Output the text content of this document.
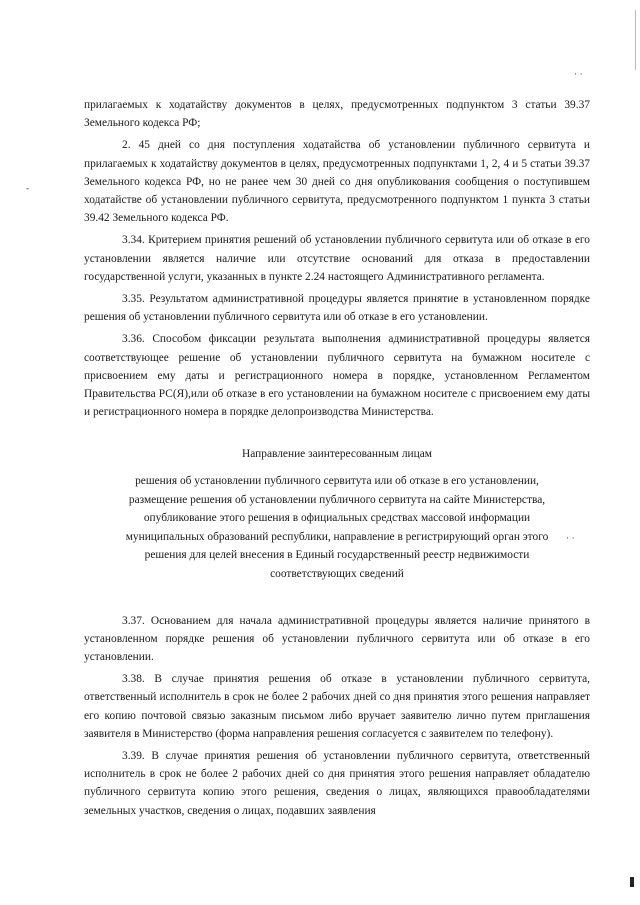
· ·
-
· ·

прилагаемых к ходатайству документов в целях, предусмотренных подпунктом 3 статьи 39.37 Земельного кодекса РФ;

2. 45 дней со дня поступления ходатайства об установлении публичного сервитута и прилагаемых к ходатайству документов в целях, предусмотренных подпунктами 1, 2, 4 и 5 статьи 39.37 Земельного кодекса РФ, но не ранее чем 30 дней со дня опубликования сообщения о поступившем ходатайстве об установлении публичного сервитута, предусмотренного подпунктом 1 пункта 3 статьи 39.42 Земельного кодекса РФ.

3.34. Критерием принятия решений об установлении публичного сервитута или об отказе в его установлении является наличие или отсутствие оснований для отказа в предоставлении государственной услуги, указанных в пункте 2.24 настоящего Административного регламента.

3.35. Результатом административной процедуры является принятие в установленном порядке решения об установлении публичного сервитута или об отказе в его установлении.

3.36. Способом фиксации результата выполнения административной процедуры является соответствующее решение об установлении публичного сервитута на бумажном носителе с присвоением ему даты и регистрационного номера в порядке, установленном Регламентом Правительства РС(Я),или об отказе в его установлении на бумажном носителе с присвоением ему даты и регистрационного номера в порядке делопроизводства Министерства.

Направление заинтересованным лицам
решения об установлении публичного сервитута или об отказе в его установлении,
размещение решения об установлении публичного сервитута на сайте Министерства,
опубликование этого решения в официальных средствах массовой информации
муниципальных образований республики, направление в регистрирующий орган этого
решения для целей внесения в Единый государственный реестр недвижимости
соответствующих сведений

3.37. Основанием для начала административной процедуры является наличие принятого в установленном порядке решения об установлении публичного сервитута или об отказе в его установлении.

3.38. В случае принятия решения об отказе в установлении публичного сервитута, ответственный исполнитель в срок не более 2 рабочих дней со дня принятия этого решения направляет его копию почтовой связью заказным письмом либо вручает заявителю лично путем приглашения заявителя в Министерство (форма направления решения согласуется с заявителем по телефону).

3.39. В случае принятия решения об установлении публичного сервитута, ответственный исполнитель в срок не более 2 рабочих дней со дня принятия этого решения направляет обладателю публичного сервитута копию этого решения, сведения о лицах, являющихся правообладателями земельных участков, сведения о лицах, подавших заявления
